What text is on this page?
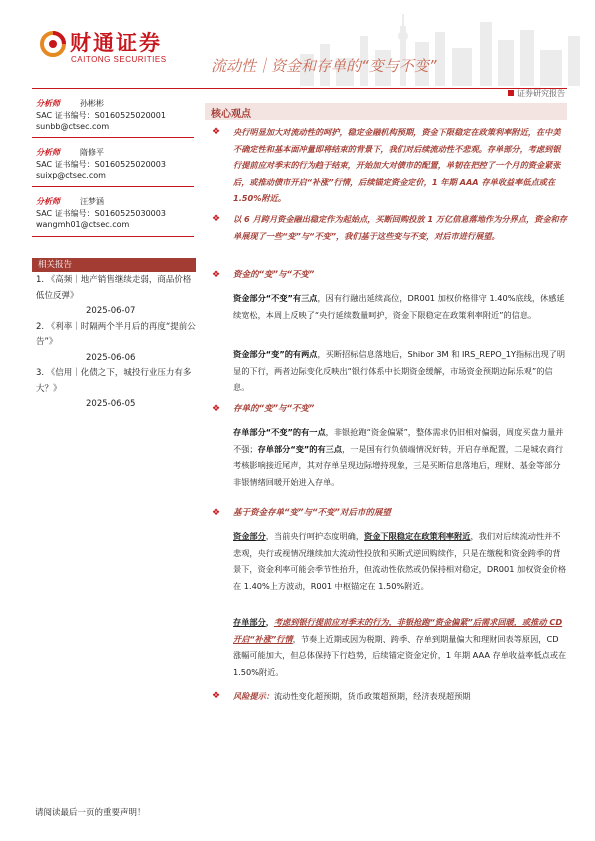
财通证券
CAITONG SECURITIES	流动性｜资金和存单的“变与不变”
证券研究报告
分析师	孙彬彬
SAC 证书编号：S0160525020001
sunbb@ctsec.com
分析师	隋修平
SAC 证书编号：S0160525020003
suixp@ctsec.com
分析师	汪梦涵
SAC 证书编号：S0160525030003
wangmh01@ctsec.com
相关报告
1. 《高频｜地产销售继续走弱，商品价格低位反弹》
2025-06-07
2. 《利率｜时隔两个半月后的再度“提前公告”》
2025-06-06
3. 《信用｜化债之下，城投行业压力有多大？》
2025-06-05
核心观点
❖ 央行明显加大对流动性的呵护，稳定金融机构预期，资金下限稳定在政策利率附近，在中美不确定性和基本面冲量即将结束的背景下，我们对后续流动性不悲观。存单部分，考虑到银行提前应对季末的行为趋于结束，开始加大对债市的配置，单韧在把控了一个月的资金紧张后，或推动债市开启“补涨”行情，后续锚定资金定价，1 年期 AAA 存单收益率低点或在 1.50%附近。
❖ 以 6 月跨月资金融出稳定作为起始点，买断回购投放 1 万亿信息落地作为分界点，资金和存单展现了一些“变”与“不变”，我们基于这些变与不变，对后市进行展望。
❖ 资金的“变”与“不变”
资金部分“不变”有三点，因有行融出延续高位，DR001 加权价格徘守 1.40%底线，休感延续宽松，本周上反映了“央行延续数量呵护，资金下限稳定在政策利率附近”的信息。
资金部分“变”的有两点，买断招标信息落地后，Shibor 3M 和 IRS_REPO_1Y指标出现了明显的下行，两者边际变化反映出“银行体系中长期资金缓解，市场资金预期边际乐观”的信息。
❖ 存单的“变”与“不变”
存单部分“不变”的有一点，非银抢跑“资金偏紧”，整体需求仍旧相对偏弱，周度买盘力量并不强；存单部分“变”的有三点，一是国有行负债端情况好转，开启存单配置，二是城农商行考核影响接近尾声，其对存单呈现边际增持现象，三是买断信息落地后，理财、基金等部分非银情绪回暖开始进入存单。
❖ 基于资金存单“变”与“不变”对后市的展望
资金部分，当前央行呵护态度明确，资金下限稳定在政策利率附近，我们对后续流动性并不悲观，央行或视情况继续加大流动性投放和买断式逆回购续作，只是在缴税和资金跨季的背景下，资金利率可能会季节性抬升，但流动性依然或仍保持相对稳定，DR001 加权资金价格在 1.40%上方波动，R001 中枢锚定在 1.50%附近。
存单部分，考虑到银行提前应对季末的行为，非银抢跑“资金偏紧”后需求回暖，或推动 CD 开启“补涨”行情，节奏上近期或因为税期、跨季、存单到期量偏大和理财回表等原因，CD 涨幅可能加大，但总体保持下行趋势，后续锚定资金定价，1 年期 AAA 存单收益率低点或在 1.50%附近。
❖ 风险提示：流动性变化超预期，货币政策超预期，经济表现超预期
请阅读最后一页的重要声明！
